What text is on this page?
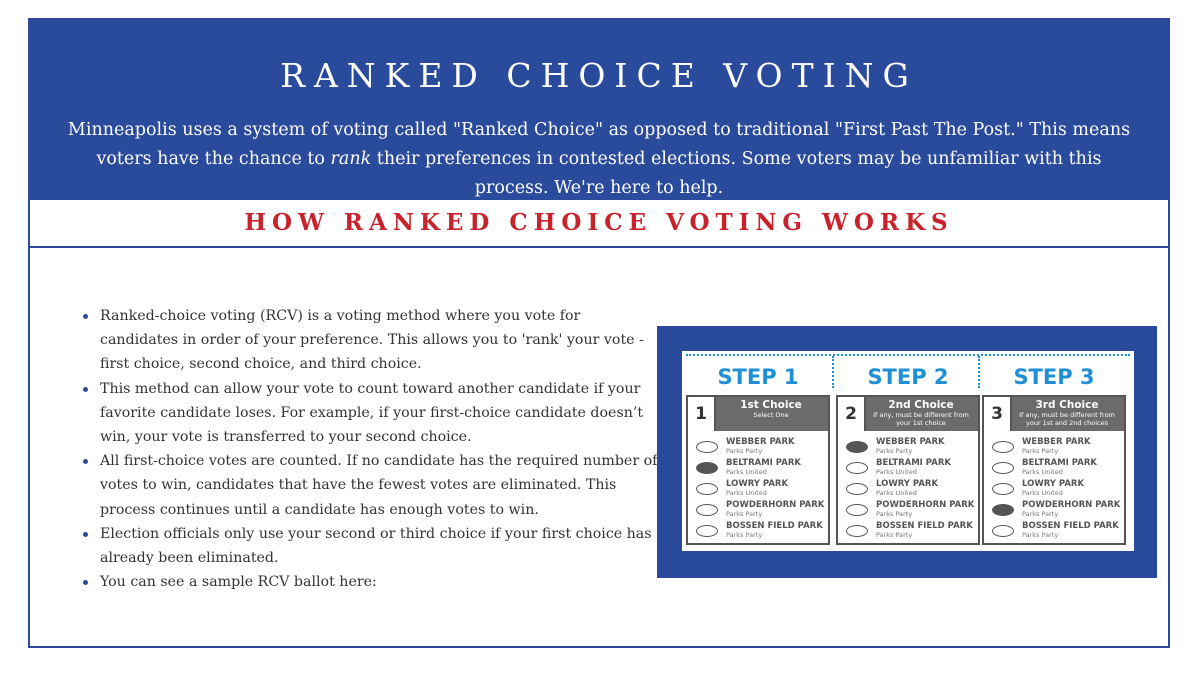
RANKED CHOICE VOTING
Minneapolis uses a system of voting called "Ranked Choice" as opposed to traditional "First Past The Post." This means voters have the chance to rank their preferences in contested elections. Some voters may be unfamiliar with this process. We're here to help.
HOW RANKED CHOICE VOTING WORKS
Ranked-choice voting (RCV) is a voting method where you vote for candidates in order of your preference. This allows you to 'rank' your vote - first choice, second choice, and third choice.
This method can allow your vote to count toward another candidate if your favorite candidate loses. For example, if your first-choice candidate doesn’t win, your vote is transferred to your second choice.
All first-choice votes are counted. If no candidate has the required number of votes to win, candidates that have the fewest votes are eliminated. This process continues until a candidate has enough votes to win.
Election officials only use your second or third choice if your first choice has already been eliminated.
You can see a sample RCV ballot here:
STEP 1
1	1st Choice
Select One
WEBBER PARK
Parks Party
BELTRAMI PARK
Parks United
LOWRY PARK
Parks United
POWDERHORN PARK
Parks Party
BOSSEN FIELD PARK
Parks Party
STEP 2
2	2nd Choice
If any, must be different from your 1st choice
WEBBER PARK
Parks Party
BELTRAMI PARK
Parks United
LOWRY PARK
Parks United
POWDERHORN PARK
Parks Party
BOSSEN FIELD PARK
Parks Party
STEP 3
3	3rd Choice
If any, must be different from your 1st and 2nd choices
WEBBER PARK
Parks Party
BELTRAMI PARK
Parks United
LOWRY PARK
Parks United
POWDERHORN PARK
Parks Party
BOSSEN FIELD PARK
Parks Party
